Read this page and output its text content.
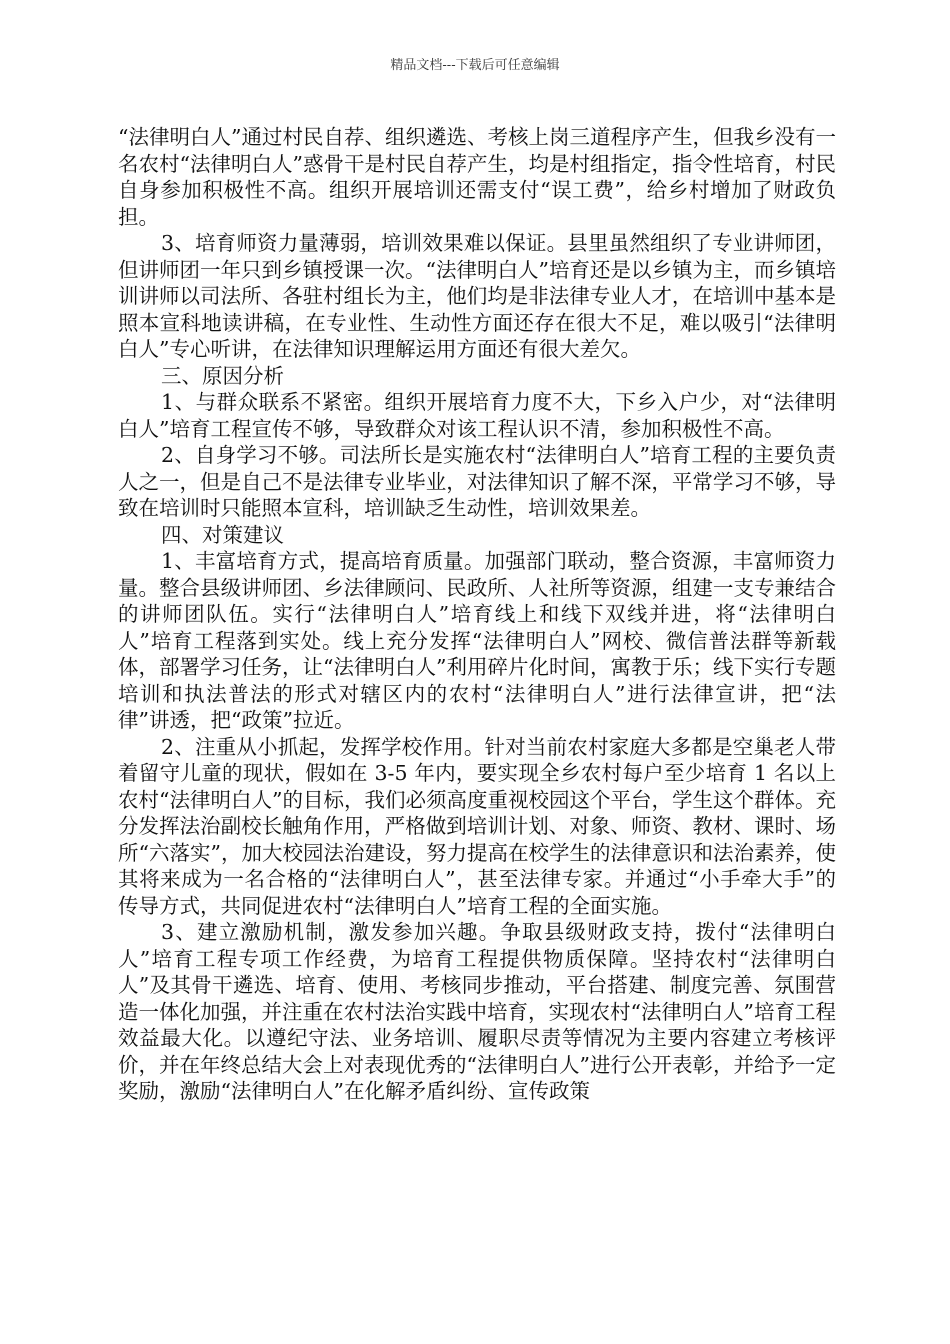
精品文档---下载后可任意编辑

“法律明白人”通过村民自荐、组织遴选、考核上岗三道程序产生，但我乡没有一名农村“法律明白人”惑骨干是村民自荐产生，均是村组指定，指令性培育，村民自身参加积极性不高。组织开展培训还需支付“误工费”，给乡村增加了财政负担。

3、培育师资力量薄弱，培训效果难以保证。县里虽然组织了专业讲师团，但讲师团一年只到乡镇授课一次。“法律明白人”培育还是以乡镇为主，而乡镇培训讲师以司法所、各驻村组长为主，他们均是非法律专业人才，在培训中基本是照本宣科地读讲稿，在专业性、生动性方面还存在很大不足，难以吸引“法律明白人”专心听讲，在法律知识理解运用方面还有很大差欠。

三、原因分析

1、与群众联系不紧密。组织开展培育力度不大，下乡入户少，对“法律明白人”培育工程宣传不够，导致群众对该工程认识不清，参加积极性不高。

2、自身学习不够。司法所长是实施农村“法律明白人”培育工程的主要负责人之一，但是自己不是法律专业毕业，对法律知识了解不深，平常学习不够，导致在培训时只能照本宣科，培训缺乏生动性，培训效果差。

四、对策建议

1、丰富培育方式，提高培育质量。加强部门联动，整合资源，丰富师资力量。整合县级讲师团、乡法律顾问、民政所、人社所等资源，组建一支专兼结合的讲师团队伍。实行“法律明白人”培育线上和线下双线并进，将“法律明白人”培育工程落到实处。线上充分发挥“法律明白人”网校、微信普法群等新载体，部署学习任务，让“法律明白人”利用碎片化时间，寓教于乐；线下实行专题培训和执法普法的形式对辖区内的农村“法律明白人”进行法律宣讲，把“法律”讲透，把“政策”拉近。

2、注重从小抓起，发挥学校作用。针对当前农村家庭大多都是空巢老人带着留守儿童的现状，假如在 3-5 年内，要实现全乡农村每户至少培育 1 名以上农村“法律明白人”的目标，我们必须高度重视校园这个平台，学生这个群体。充分发挥法治副校长触角作用，严格做到培训计划、对象、师资、教材、课时、场所“六落实”，加大校园法治建设，努力提高在校学生的法律意识和法治素养，使其将来成为一名合格的“法律明白人”，甚至法律专家。并通过“小手牵大手”的传导方式，共同促进农村“法律明白人”培育工程的全面实施。

3、建立激励机制，激发参加兴趣。争取县级财政支持，拨付“法律明白人”培育工程专项工作经费，为培育工程提供物质保障。坚持农村“法律明白人”及其骨干遴选、培育、使用、考核同步推动，平台搭建、制度完善、氛围营造一体化加强，并注重在农村法治实践中培育，实现农村“法律明白人”培育工程效益最大化。以遵纪守法、业务培训、履职尽责等情况为主要内容建立考核评价，并在年终总结大会上对表现优秀的“法律明白人”进行公开表彰，并给予一定奖励，激励“法律明白人”在化解矛盾纠纷、宣传政策
